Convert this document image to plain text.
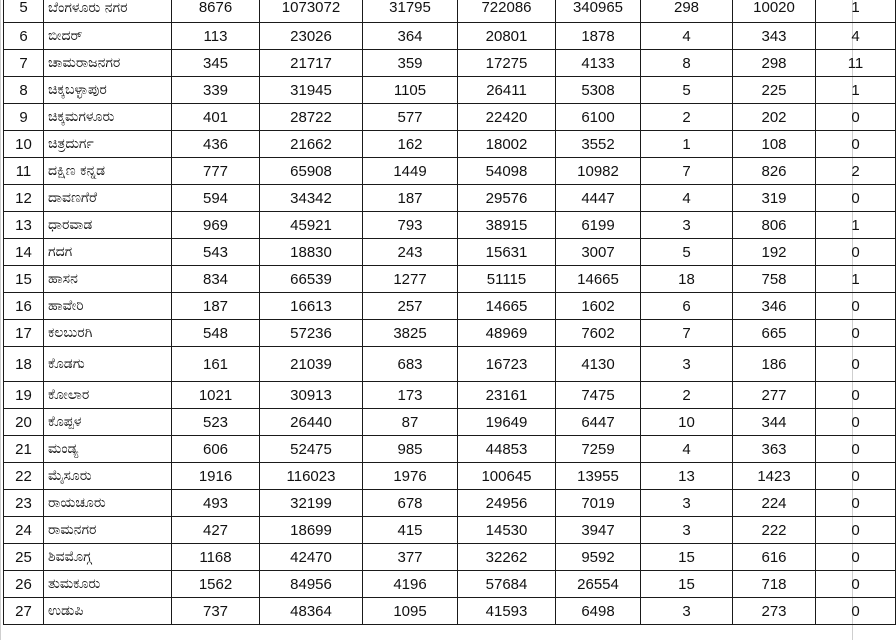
5	ಬೆಂಗಳೂರು ನಗರ	8676	1073072	31795	722086	340965	298	10020	1
6	ಬೀದರ್	113	23026	364	20801	1878	4	343	4
7	ಚಾಮರಾಜನಗರ	345	21717	359	17275	4133	8	298	11
8	ಚಿಕ್ಕಬಳ್ಳಾಪುರ	339	31945	1105	26411	5308	5	225	1
9	ಚಿಕ್ಕಮಗಳೂರು	401	28722	577	22420	6100	2	202	0
10	ಚಿತ್ರದುರ್ಗ	436	21662	162	18002	3552	1	108	0
11	ದಕ್ಷಿಣ ಕನ್ನಡ	777	65908	1449	54098	10982	7	826	2
12	ದಾವಣಗೆರೆ	594	34342	187	29576	4447	4	319	0
13	ಧಾರವಾಡ	969	45921	793	38915	6199	3	806	1
14	ಗದಗ	543	18830	243	15631	3007	5	192	0
15	ಹಾಸನ	834	66539	1277	51115	14665	18	758	1
16	ಹಾವೇರಿ	187	16613	257	14665	1602	6	346	0
17	ಕಲಬುರಗಿ	548	57236	3825	48969	7602	7	665	0
18	ಕೊಡಗು	161	21039	683	16723	4130	3	186	0
19	ಕೋಲಾರ	1021	30913	173	23161	7475	2	277	0
20	ಕೊಪ್ಪಳ	523	26440	87	19649	6447	10	344	0
21	ಮಂಡ್ಯ	606	52475	985	44853	7259	4	363	0
22	ಮೈಸೂರು	1916	116023	1976	100645	13955	13	1423	0
23	ರಾಯಚೂರು	493	32199	678	24956	7019	3	224	0
24	ರಾಮನಗರ	427	18699	415	14530	3947	3	222	0
25	ಶಿವಮೊಗ್ಗ	1168	42470	377	32262	9592	15	616	0
26	ತುಮಕೂರು	1562	84956	4196	57684	26554	15	718	0
27	ಉಡುಪಿ	737	48364	1095	41593	6498	3	273	0
